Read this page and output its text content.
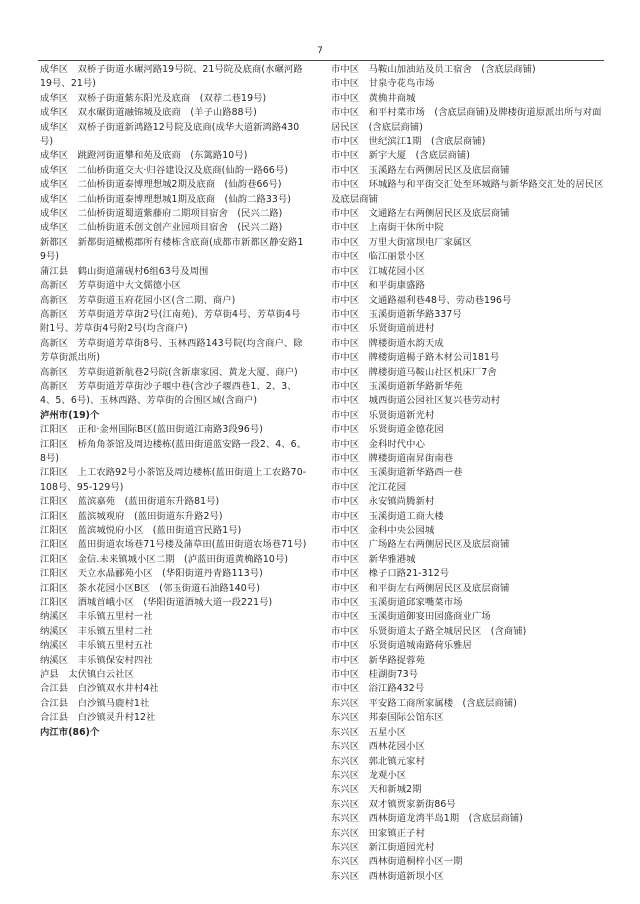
7

成华区　双桥子街道水碾河路19号院、21号院及底商(水碾河路19号、21号)

成华区　双桥子街道紫东阳光及底商　(双荐二巷19号)

成华区　双水碾街道融锦城及底商　(羊子山路88号)

成华区　双桥子街道新鸿路12号院及底商(成华大道新鸿路430号)

成华区　跳蹬河街道攀和苑及底商　(东篱路10号)

成华区　二仙桥街道交大·归谷建设汉及底商(仙韵一路66号)

成华区　二仙桥街道泰博理想城2期及底商　(仙韵巷66号)

成华区　二仙桥街道泰博理想城1期及底商　(仙韵二路33号)

成华区　二仙桥街道蜀道紫藤府二期项目宿舍　(民兴二路)

成华区　二仙桥街道禾创文创产业园项目宿舍　(民兴二路)

新都区　新都街道橄榄郡所有楼栋含底商(成都市新都区静安路19号)

蒲江县　鹤山街道蒲砚村6组63号及周围

高新区　芳草街道中大文儒德小区

高新区　芳草街道玉府花园小区(含二期、商户)

高新区　芳草街道芳草街2号(江南苑)、芳草街4号、芳草街4号附1号、芳草街4号附2号(均含商户)

高新区　芳草街道芳草街8号、玉林西路143号院(均含商户、除芳草街派出所)

高新区　芳草街道新航巷2号院(含新康家园、黄龙大厦、商户)

高新区　芳草街道芳草街沙子堰中巷(含沙子堰西巷1、2、3、4、5、6号)、玉林西路、芳草街的合围区域(含商户)

泸州市(19)个

江阳区　正和·金州国际B区(蓝田街道江南路3段96号)

江阳区　桥角角茶馆及周边楼栋(蓝田街道蓝安路一段2、4、6、8号)

江阳区　上工农路92号小茶馆及周边楼栋(蓝田街道上工农路70-108号、95-129号)

江阳区　蓝滨嘉苑　(蓝田街道东升路81号)

江阳区　蓝滨城观府　(蓝田街道东升路2号)

江阳区　蓝滨城悦府小区　(蓝田街道宫民路1号)

江阳区　蓝田街道农场巷71号楼及蒲草田(蓝田街道农场巷71号)

江阳区　金信.未来镇城小区二期　(泸蓝田街道黄桷路10号)

江阳区　天立水晶郦苑小区　(华阳街道丹青路113号)

江阳区　茶水花园小区B区　(邻玉街道石油路140号)

江阳区　酒城首峨小区　(华阳街道酒城大道一段221号)

纳溪区　丰乐镇五里村一社

纳溪区　丰乐镇五里村二社

纳溪区　丰乐镇五里村五社

纳溪区　丰乐镇保安村四社

泸县　太伏镇白云社区

合江县　白沙镇双水井村4社

合江县　白沙镇马鹿村1社

合江县　白沙镇灵升村12社

内江市(86)个

市中区　马鞍山加油站及员工宿舍　(含底层商铺)

市中区　甘泉寺花鸟市场

市中区　黄桷井商城

市中区　和平村菜市场　(含底层商铺)及牌楼街道原派出所与对面居民区　(含底层商铺)

市中区　世纪滨江1期　(含底层商铺)

市中区　新宇大厦　(含底层商铺)

市中区　玉溪路左右两侧居民区及底层商铺

市中区　环城路与和平街交汇处至环城路与新华路交汇处的居民区及底层商铺

市中区　文通路左右两侧居民区及底层商铺

市中区　上南街干休所中院

市中区　万里大街富坝电厂家属区

市中区　临江丽景小区

市中区　江城花园小区

市中区　和平街康盛路

市中区　文通路福利巷48号、劳动巷196号

市中区　玉溪街道新华路337号

市中区　乐贤街道前进村

市中区　牌楼街道水韵天成

市中区　牌楼街道楊子路木材公司181号

市中区　牌楼街道马鞍山社区机床厂7舍

市中区　玉溪街道新华路新华苑

市中区　城西街道公园社区复兴巷劳动村

市中区　乐贤街道新光村

市中区　乐贤街道金德花园

市中区　金科时代中心

市中区　牌楼街道南昇街南巷

市中区　玉溪街道新华路西一巷

市中区　沱江花园

市中区　永安镇尚腾新村

市中区　玉溪街道工商大楼

市中区　金科中央公园城

市中区　广场路左右两侧居民区及底层商铺

市中区　新华雅港城

市中区　橡子口路21-312号

市中区　和平街左右两侧居民区及底层商铺

市中区　玉溪街道邱家嘴菜市场

市中区　玉溪街道御宴田园盛商业广场

市中区　乐贤街道太子路全城居民区　(含商铺)

市中区　乐贤街道城南路荷乐雅居

市中区　新华路捉蓉苑

市中区　桂湖街73号

市中区　浴江路432号

东兴区　平安路工商所家属楼　(含底层商铺)

东兴区　邦泰国际公馆东区

东兴区　五星小区

东兴区　西林花园小区

东兴区　郭北镇元家村

东兴区　龙观小区

东兴区　天和新城2期

东兴区　双才镇贾家新街86号

东兴区　西林街道龙湾半岛1期　(含底层商铺)

东兴区　田家镇正子村

东兴区　新江街道园光村

东兴区　西林街道桐梓小区一期

东兴区　西林街道新坝小区
